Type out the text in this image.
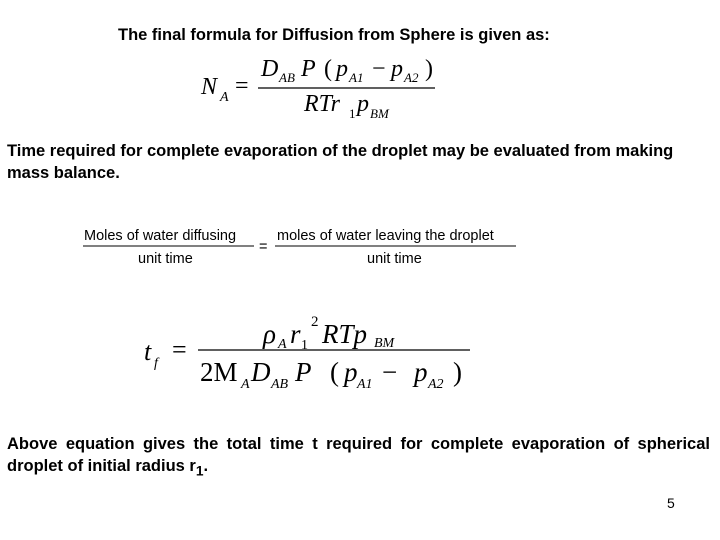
The final formula for Diffusion from Sphere is given as:
N A =
D AB P ( p A1 − p A2 )
RTr 1 p BM
Time required for complete evaporation of the droplet may be evaluated from making mass balance.
Moles of water diffusing
unit time
=
moles of water leaving the droplet
unit time
t f =
ρ A r 2
1 RTp BM
2M A D AB P ( p A1 − p A2 )
Above equation gives the total time t required for complete evaporation of spherical droplet of initial radius $r_1$.
5
